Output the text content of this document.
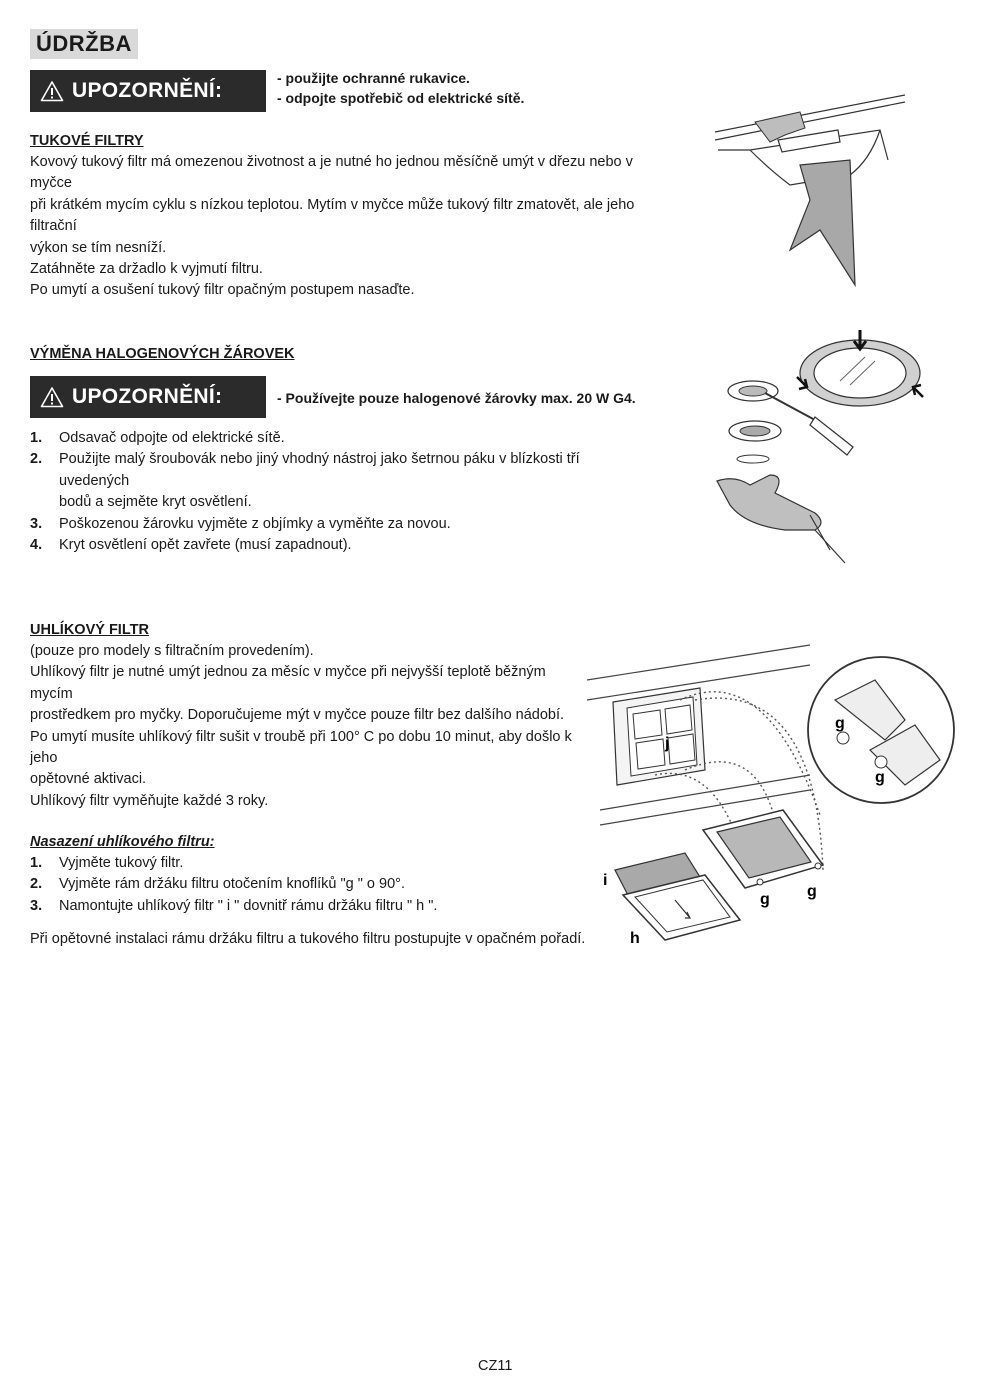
ÚDRŽBA
UPOZORNĚNÍ:
- použijte ochranné rukavice.
- odpojte spotřebič od elektrické sítě.
TUKOVÉ FILTRY

Kovový tukový filtr má omezenou životnost a je nutné ho jednou měsíčně umýt v dřezu nebo v myčce

při krátkém mycím cyklu s nízkou teplotou. Mytím v myčce může tukový filtr zmatovět, ale jeho filtrační

výkon se tím nesníží.

Zatáhněte za držadlo k vyjmutí filtru.

Po umytí a osušení tukový filtr opačným postupem nasaďte.

VÝMĚNA HALOGENOVÝCH ŽÁROVEK
UPOZORNĚNÍ:	- Používejte pouze halogenové žárovky max. 20 W G4.
1.	Odsavač odpojte od elektrické sítě.
2.	Použijte malý šroubovák nebo jiný vhodný nástroj jako šetrnou páku v blízkosti tří uvedených
bodů a sejměte kryt osvětlení.
3.	Poškozenou žárovku vyjměte z objímky a vyměňte za novou.
4.	Kryt osvětlení opět zavřete (musí zapadnout).
UHLÍKOVÝ FILTR

(pouze pro modely s filtračním provedením).

Uhlíkový filtr je nutné umýt jednou za měsíc v myčce při nejvyšší teplotě běžným mycím

prostředkem pro myčky. Doporučujeme mýt v myčce pouze filtr bez dalšího nádobí.

Po umytí musíte uhlíkový filtr sušit v troubě při 100° C po dobu 10 minut, aby došlo k jeho

opětovné aktivaci.

Uhlíkový filtr vyměňujte každé 3 roky.

Nasazení uhlíkového filtru:
1.	Vyjměte tukový filtr.
2.	Vyjměte rám držáku filtru otočením knoflíků "g " o 90°.
3.	Namontujte uhlíkový filtr " i " dovnitř rámu držáku filtru " h ".
Při opětovné instalaci rámu držáku filtru a tukového filtru postupujte v opačném pořadí.
j
g g
i
h
g
g
CZ11
